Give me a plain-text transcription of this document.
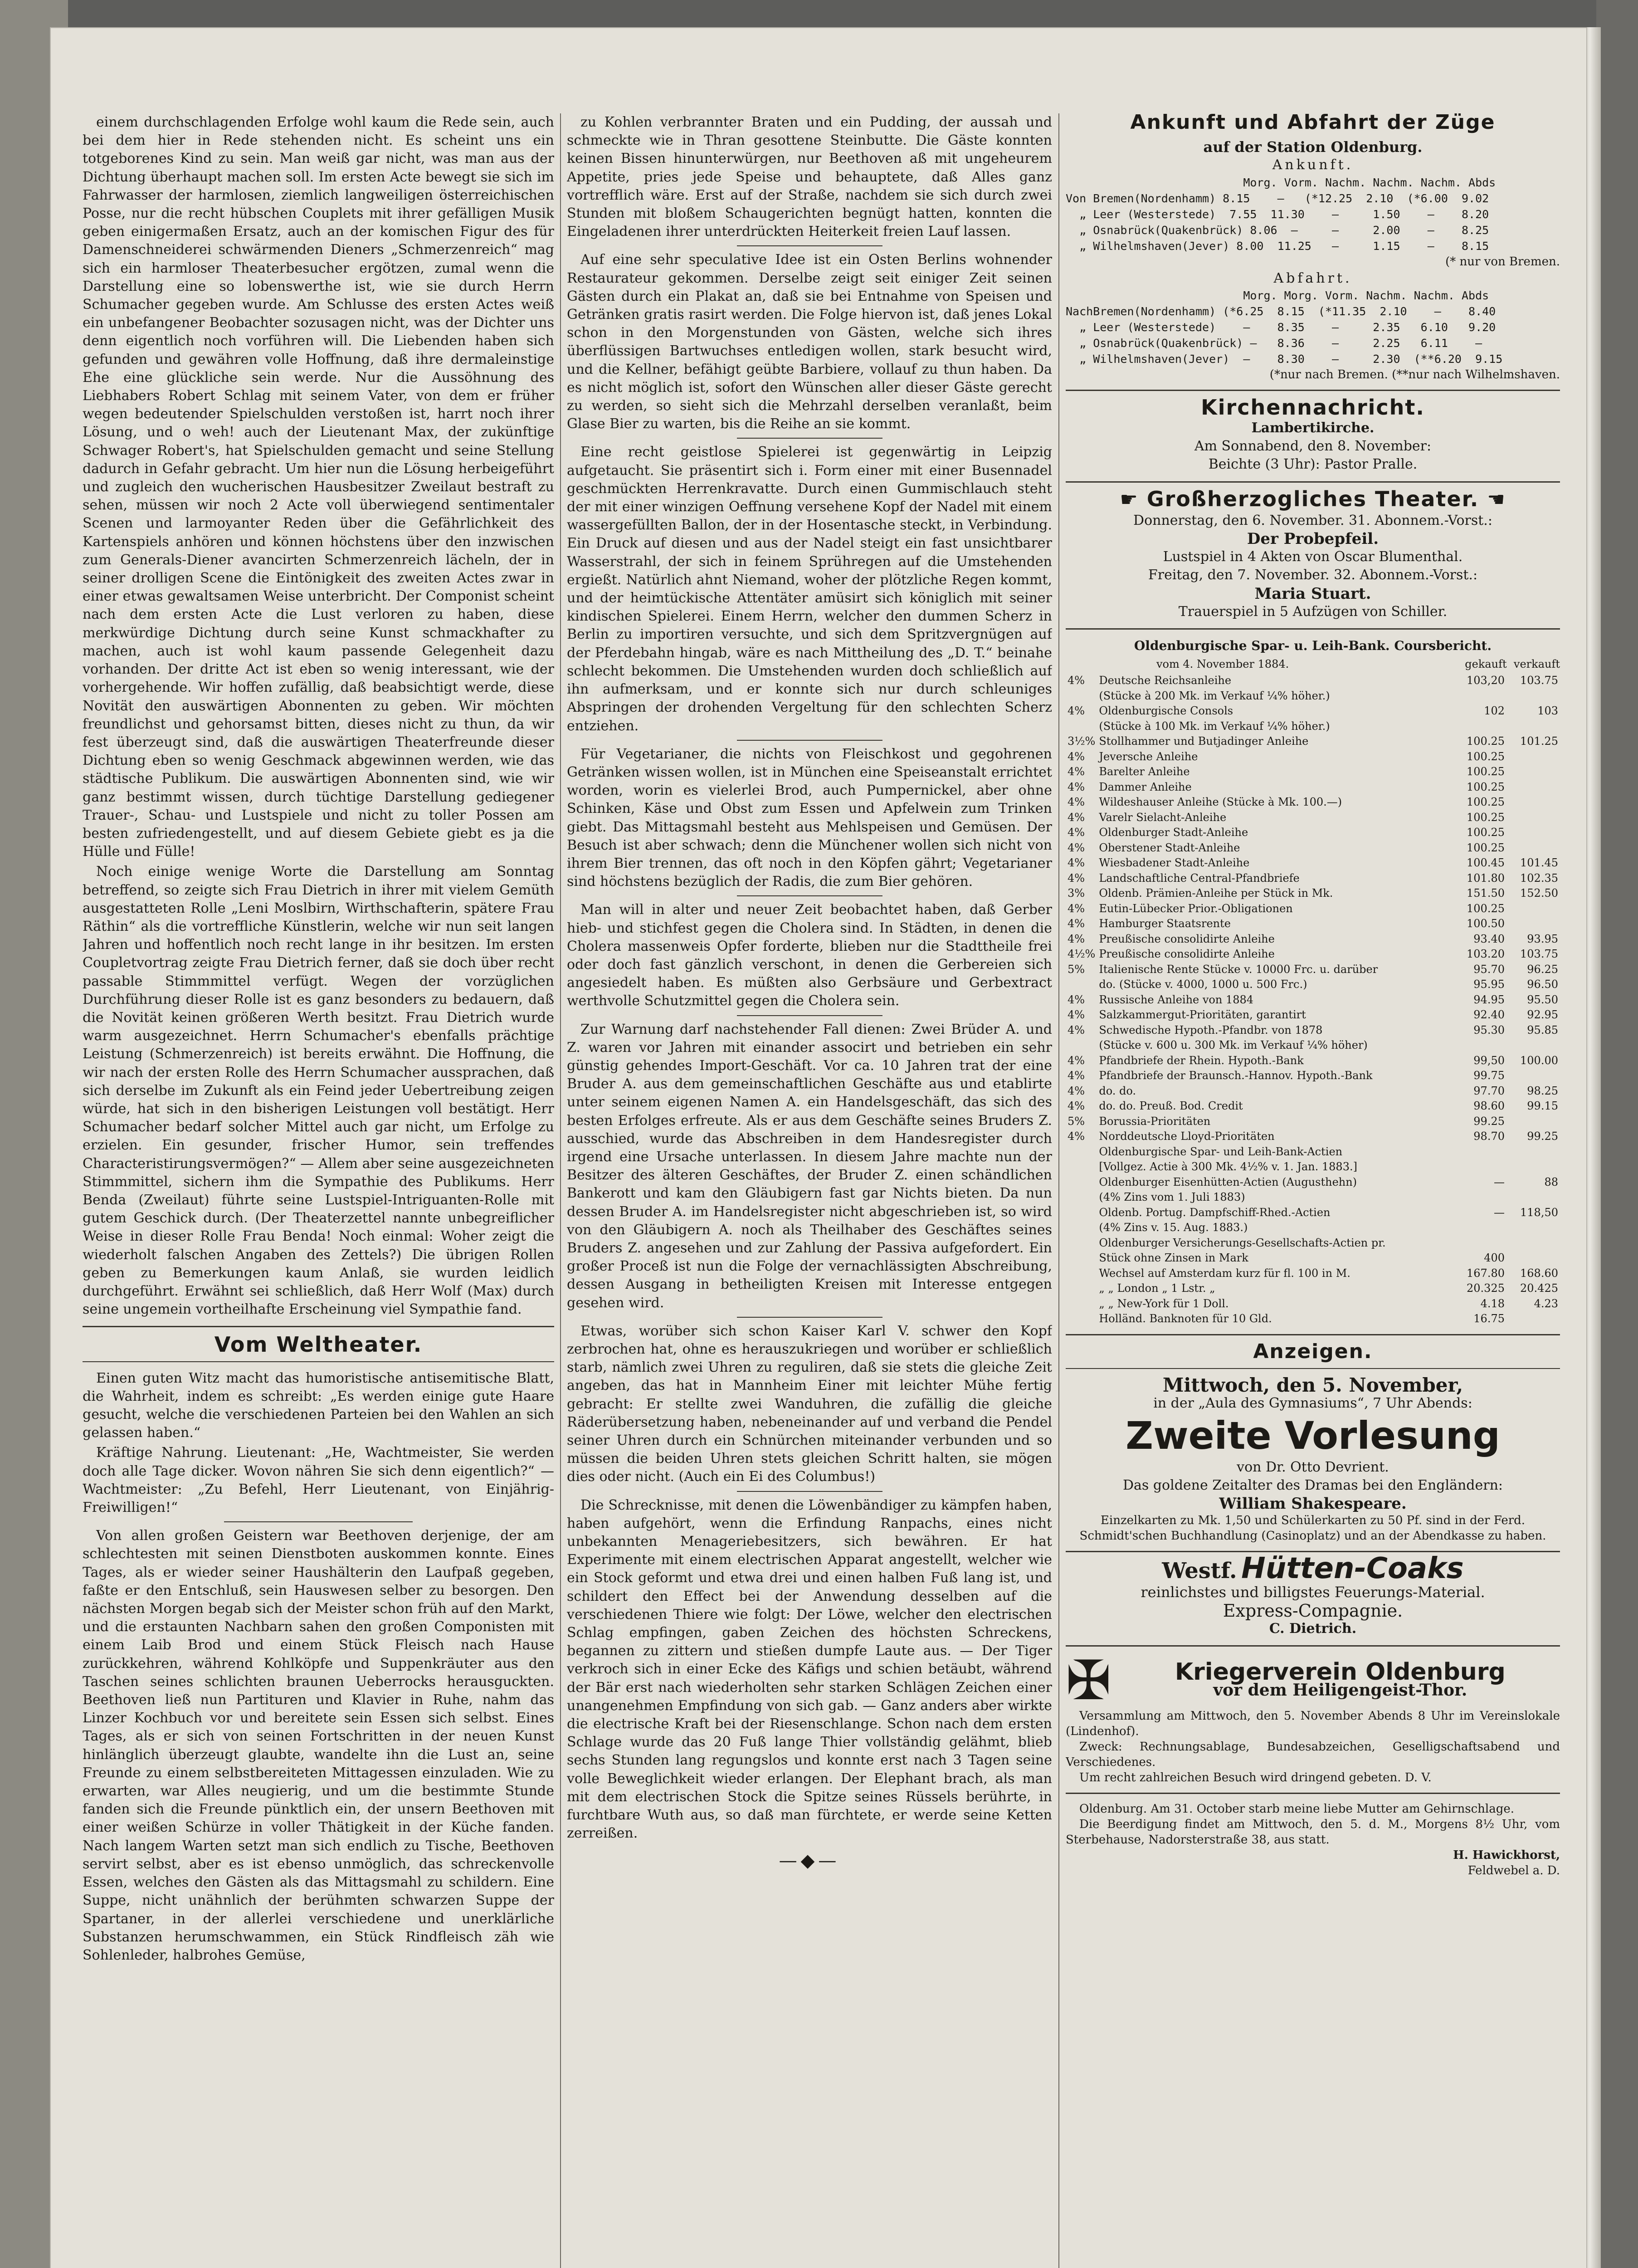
einem durchschlagenden Erfolge wohl kaum die Rede sein, auch bei dem hier in Rede stehenden nicht. Es scheint uns ein totgeborenes Kind zu sein. Man weiß gar nicht, was man aus der Dichtung überhaupt machen soll. Im ersten Acte bewegt sie sich im Fahrwasser der harmlosen, ziemlich langweiligen österreichischen Posse, nur die recht hübschen Couplets mit ihrer gefälligen Musik geben einigermaßen Ersatz, auch an der komischen Figur des für Damenschneiderei schwärmenden Dieners „Schmerzenreich“ mag sich ein harmloser Theaterbesucher ergötzen, zumal wenn die Darstellung eine so lobenswerthe ist, wie sie durch Herrn Schumacher gegeben wurde. Am Schlusse des ersten Actes weiß ein unbefangener Beobachter sozusagen nicht, was der Dichter uns denn eigentlich noch vorführen will. Die Liebenden haben sich gefunden und gewähren volle Hoffnung, daß ihre dermaleinstige Ehe eine glückliche sein werde. Nur die Aussöhnung des Liebhabers Robert Schlag mit seinem Vater, von dem er früher wegen bedeutender Spielschulden verstoßen ist, harrt noch ihrer Lösung, und o weh! auch der Lieutenant Max, der zukünftige Schwager Robert's, hat Spielschulden gemacht und seine Stellung dadurch in Gefahr gebracht. Um hier nun die Lösung herbeigeführt und zugleich den wucherischen Hausbesitzer Zweilaut bestraft zu sehen, müssen wir noch 2 Acte voll überwiegend sentimentaler Scenen und larmoyanter Reden über die Gefährlichkeit des Kartenspiels anhören und können höchstens über den inzwischen zum Generals-Diener avancirten Schmerzenreich lächeln, der in seiner drolligen Scene die Eintönigkeit des zweiten Actes zwar in einer etwas gewaltsamen Weise unterbricht. Der Componist scheint nach dem ersten Acte die Lust verloren zu haben, diese merkwürdige Dichtung durch seine Kunst schmackhafter zu machen, auch ist wohl kaum passende Gelegenheit dazu vorhanden. Der dritte Act ist eben so wenig interessant, wie der vorhergehende. Wir hoffen zufällig, daß beabsichtigt werde, diese Novität den auswärtigen Abonnenten zu geben. Wir möchten freundlichst und gehorsamst bitten, dieses nicht zu thun, da wir fest überzeugt sind, daß die auswärtigen Theaterfreunde dieser Dichtung eben so wenig Geschmack abgewinnen werden, wie das städtische Publikum. Die auswärtigen Abonnenten sind, wie wir ganz bestimmt wissen, durch tüchtige Darstellung gediegener Trauer-, Schau- und Lustspiele und nicht zu toller Possen am besten zufriedengestellt, und auf diesem Gebiete giebt es ja die Hülle und Fülle!

Noch einige wenige Worte die Darstellung am Sonntag betreffend, so zeigte sich Frau Dietrich in ihrer mit vielem Gemüth ausgestatteten Rolle „Leni Moslbirn, Wirthschafterin, spätere Frau Räthin“ als die vortreffliche Künstlerin, welche wir nun seit langen Jahren und hoffentlich noch recht lange in ihr besitzen. Im ersten Coupletvortrag zeigte Frau Dietrich ferner, daß sie doch über recht passable Stimmmittel verfügt. Wegen der vorzüglichen Durchführung dieser Rolle ist es ganz besonders zu bedauern, daß die Novität keinen größeren Werth besitzt. Frau Dietrich wurde warm ausgezeichnet. Herrn Schumacher's ebenfalls prächtige Leistung (Schmerzenreich) ist bereits erwähnt. Die Hoffnung, die wir nach der ersten Rolle des Herrn Schumacher aussprachen, daß sich derselbe im Zukunft als ein Feind jeder Uebertreibung zeigen würde, hat sich in den bisherigen Leistungen voll bestätigt. Herr Schumacher bedarf solcher Mittel auch gar nicht, um Erfolge zu erzielen. Ein gesunder, frischer Humor, sein treffendes Characteristirungsvermögen?“ — Allem aber seine ausgezeichneten Stimmmittel, sichern ihm die Sympathie des Publikums. Herr Benda (Zweilaut) führte seine Lustspiel-Intriguanten-Rolle mit gutem Geschick durch. (Der Theaterzettel nannte unbegreiflicher Weise in dieser Rolle Frau Benda! Noch einmal: Woher zeigt die wiederholt falschen Angaben des Zettels?) Die übrigen Rollen geben zu Bemerkungen kaum Anlaß, sie wurden leidlich durchgeführt. Erwähnt sei schließlich, daß Herr Wolf (Max) durch seine ungemein vortheilhafte Erscheinung viel Sympathie fand.

Vom Weltheater.

Einen guten Witz macht das humoristische antisemitische Blatt, die Wahrheit, indem es schreibt: „Es werden einige gute Haare gesucht, welche die verschiedenen Parteien bei den Wahlen an sich gelassen haben.“

Kräftige Nahrung. Lieutenant: „He, Wachtmeister, Sie werden doch alle Tage dicker. Wovon nähren Sie sich denn eigentlich?“ — Wachtmeister: „Zu Befehl, Herr Lieutenant, von Einjährig-Freiwilligen!“

Von allen großen Geistern war Beethoven derjenige, der am schlechtesten mit seinen Dienstboten auskommen konnte. Eines Tages, als er wieder seiner Haushälterin den Laufpaß gegeben, faßte er den Entschluß, sein Hauswesen selber zu besorgen. Den nächsten Morgen begab sich der Meister schon früh auf den Markt, und die erstaunten Nachbarn sahen den großen Componisten mit einem Laib Brod und einem Stück Fleisch nach Hause zurückkehren, während Kohlköpfe und Suppenkräuter aus den Taschen seines schlichten braunen Ueberrocks herausguckten. Beethoven ließ nun Partituren und Klavier in Ruhe, nahm das Linzer Kochbuch vor und bereitete sein Essen sich selbst. Eines Tages, als er sich von seinen Fortschritten in der neuen Kunst hinlänglich überzeugt glaubte, wandelte ihn die Lust an, seine Freunde zu einem selbstbereiteten Mittagessen einzuladen. Wie zu erwarten, war Alles neugierig, und um die bestimmte Stunde fanden sich die Freunde pünktlich ein, der unsern Beethoven mit einer weißen Schürze in voller Thätigkeit in der Küche fanden. Nach langem Warten setzt man sich endlich zu Tische, Beethoven servirt selbst, aber es ist ebenso unmöglich, das schreckenvolle Essen, welches den Gästen als das Mittagsmahl zu schildern. Eine Suppe, nicht unähnlich der berühmten schwarzen Suppe der Spartaner, in der allerlei verschiedene und unerklärliche Substanzen herumschwammen, ein Stück Rindfleisch zäh wie Sohlenleder, halbrohes Gemüse,

zu Kohlen verbrannter Braten und ein Pudding, der aussah und schmeckte wie in Thran gesottene Steinbutte. Die Gäste konnten keinen Bissen hinunterwürgen, nur Beethoven aß mit ungeheurem Appetite, pries jede Speise und behauptete, daß Alles ganz vortrefflich wäre. Erst auf der Straße, nachdem sie sich durch zwei Stunden mit bloßem Schaugerichten begnügt hatten, konnten die Eingeladenen ihrer unterdrückten Heiterkeit freien Lauf lassen.

Auf eine sehr speculative Idee ist ein Osten Berlins wohnender Restaurateur gekommen. Derselbe zeigt seit einiger Zeit seinen Gästen durch ein Plakat an, daß sie bei Entnahme von Speisen und Getränken gratis rasirt werden. Die Folge hiervon ist, daß jenes Lokal schon in den Morgenstunden von Gästen, welche sich ihres überflüssigen Bartwuchses entledigen wollen, stark besucht wird, und die Kellner, befähigt geübte Barbiere, vollauf zu thun haben. Da es nicht möglich ist, sofort den Wünschen aller dieser Gäste gerecht zu werden, so sieht sich die Mehrzahl derselben veranlaßt, beim Glase Bier zu warten, bis die Reihe an sie kommt.

Eine recht geistlose Spielerei ist gegenwärtig in Leipzig aufgetaucht. Sie präsentirt sich i. Form einer mit einer Busennadel geschmückten Herrenkravatte. Durch einen Gummischlauch steht der mit einer winzigen Oeffnung versehene Kopf der Nadel mit einem wassergefüllten Ballon, der in der Hosentasche steckt, in Verbindung. Ein Druck auf diesen und aus der Nadel steigt ein fast unsichtbarer Wasserstrahl, der sich in feinem Sprühregen auf die Umstehenden ergießt. Natürlich ahnt Niemand, woher der plötzliche Regen kommt, und der heimtückische Attentäter amüsirt sich königlich mit seiner kindischen Spielerei. Einem Herrn, welcher den dummen Scherz in Berlin zu importiren versuchte, und sich dem Spritzvergnügen auf der Pferdebahn hingab, wäre es nach Mittheilung des „D. T.“ beinahe schlecht bekommen. Die Umstehenden wurden doch schließlich auf ihn aufmerksam, und er konnte sich nur durch schleuniges Abspringen der drohenden Vergeltung für den schlechten Scherz entziehen.

Für Vegetarianer, die nichts von Fleischkost und gegohrenen Getränken wissen wollen, ist in München eine Speiseanstalt errichtet worden, worin es vielerlei Brod, auch Pumpernickel, aber ohne Schinken, Käse und Obst zum Essen und Apfelwein zum Trinken giebt. Das Mittagsmahl besteht aus Mehlspeisen und Gemüsen. Der Besuch ist aber schwach; denn die Münchener wollen sich nicht von ihrem Bier trennen, das oft noch in den Köpfen gährt; Vegetarianer sind höchstens bezüglich der Radis, die zum Bier gehören.

Man will in alter und neuer Zeit beobachtet haben, daß Gerber hieb- und stichfest gegen die Cholera sind. In Städten, in denen die Cholera massenweis Opfer forderte, blieben nur die Stadttheile frei oder doch fast gänzlich verschont, in denen die Gerbereien sich angesiedelt haben. Es müßten also Gerbsäure und Gerbextract werthvolle Schutzmittel gegen die Cholera sein.

Zur Warnung darf nachstehender Fall dienen: Zwei Brüder A. und Z. waren vor Jahren mit einander associrt und betrieben ein sehr günstig gehendes Import-Geschäft. Vor ca. 10 Jahren trat der eine Bruder A. aus dem gemeinschaftlichen Geschäfte aus und etablirte unter seinem eigenen Namen A. ein Handelsgeschäft, das sich des besten Erfolges erfreute. Als er aus dem Geschäfte seines Bruders Z. ausschied, wurde das Abschreiben in dem Handesregister durch irgend eine Ursache unterlassen. In diesem Jahre machte nun der Besitzer des älteren Geschäftes, der Bruder Z. einen schändlichen Bankerott und kam den Gläubigern fast gar Nichts bieten. Da nun dessen Bruder A. im Handelsregister nicht abgeschrieben ist, so wird von den Gläubigern A. noch als Theilhaber des Geschäftes seines Bruders Z. angesehen und zur Zahlung der Passiva aufgefordert. Ein großer Proceß ist nun die Folge der vernachlässigten Abschreibung, dessen Ausgang in betheiligten Kreisen mit Interesse entgegen gesehen wird.

Etwas, worüber sich schon Kaiser Karl V. schwer den Kopf zerbrochen hat, ohne es herauszukriegen und worüber er schließlich starb, nämlich zwei Uhren zu reguliren, daß sie stets die gleiche Zeit angeben, das hat in Mannheim Einer mit leichter Mühe fertig gebracht: Er stellte zwei Wanduhren, die zufällig die gleiche Räderübersetzung haben, nebeneinander auf und verband die Pendel seiner Uhren durch ein Schnürchen miteinander verbunden und so müssen die beiden Uhren stets gleichen Schritt halten, sie mögen dies oder nicht. (Auch ein Ei des Columbus!)

Die Schrecknisse, mit denen die Löwenbändiger zu kämpfen haben, haben aufgehört, wenn die Erfindung Ranpachs, eines nicht unbekannten Menageriebesitzers, sich bewähren. Er hat Experimente mit einem electrischen Apparat angestellt, welcher wie ein Stock geformt und etwa drei und einen halben Fuß lang ist, und schildert den Effect bei der Anwendung desselben auf die verschiedenen Thiere wie folgt: Der Löwe, welcher den electrischen Schlag empfingen, gaben Zeichen des höchsten Schreckens, begannen zu zittern und stießen dumpfe Laute aus. — Der Tiger verkroch sich in einer Ecke des Käfigs und schien betäubt, während der Bär erst nach wiederholten sehr starken Schlägen Zeichen einer unangenehmen Empfindung von sich gab. — Ganz anders aber wirkte die electrische Kraft bei der Riesenschlange. Schon nach dem ersten Schlage wurde das 20 Fuß lange Thier vollständig gelähmt, blieb sechs Stunden lang regungslos und konnte erst nach 3 Tagen seine volle Beweglichkeit wieder erlangen. Der Elephant brach, als man mit dem electrischen Stock die Spitze seines Rüssels berührte, in furchtbare Wuth aus, so daß man fürchtete, er werde seine Ketten zerreißen.

—◆—
Ankunft und Abfahrt der Züge
auf der Station Oldenburg.
Ankunft.
Morg. Vorm. Nachm. Nachm. Nachm. Abds
Von Bremen(Nordenhamm) 8.15    —   (*12.25  2.10  (*6.00  9.02
„ Leer (Westerstede)  7.55  11.30    —     1.50    —    8.20
„ Osnabrück(Quakenbrück) 8.06  —     —     2.00    —    8.25
„ Wilhelmshaven(Jever) 8.00  11.25   —     1.15    —    8.15
(* nur von Bremen.
Abfahrt.
Morg. Morg. Vorm. Nachm. Nachm. Abds
NachBremen(Nordenhamm) (*6.25  8.15  (*11.35  2.10    —    8.40
„ Leer (Westerstede)    —    8.35    —     2.35   6.10   9.20
„ Osnabrück(Quakenbrück) —   8.36    —     2.25   6.11    —
„ Wilhelmshaven(Jever)  —    8.30    —     2.30  (**6.20  9.15
(*nur nach Bremen. (**nur nach Wilhelmshaven.
Kirchennachricht.
Lambertikirche.
Am Sonnabend, den 8. November:
Beichte (3 Uhr): Pastor Pralle.
☛ Großherzogliches Theater. ☚
Donnerstag, den 6. November. 31. Abonnem.-Vorst.:
Der Probepfeil.
Lustspiel in 4 Akten von Oscar Blumenthal.
Freitag, den 7. November. 32. Abonnem.-Vorst.:
Maria Stuart.
Trauerspiel in 5 Aufzügen von Schiller.
Oldenburgische Spar- u. Leih-Bank. Coursbericht.
vom 4. November 1884.	gekauft verkauft
4%	Deutsche Reichsanleihe	103,20	103.75
	(Stücke à 200 Mk. im Verkauf ¼% höher.)		
4%	Oldenburgische Consols	102	103
	(Stücke à 100 Mk. im Verkauf ¼% höher.)		
3½%	Stollhammer und Butjadinger Anleihe	100.25	101.25
4%	Jeversche Anleihe	100.25	
4%	Barelter Anleihe	100.25	
4%	Dammer Anleihe	100.25	
4%	Wildeshauser Anleihe (Stücke à Mk. 100.—)	100.25	
4%	Varelr Sielacht-Anleihe	100.25	
4%	Oldenburger Stadt-Anleihe	100.25	
4%	Oberstener Stadt-Anleihe	100.25	
4%	Wiesbadener Stadt-Anleihe	100.45	101.45
4%	Landschaftliche Central-Pfandbriefe	101.80	102.35
3%	Oldenb. Prämien-Anleihe per Stück in Mk.	151.50	152.50
4%	Eutin-Lübecker Prior.-Obligationen	100.25	
4%	Hamburger Staatsrente	100.50	
4%	Preußische consolidirte Anleihe	93.40	93.95
4½%	Preußische consolidirte Anleihe	103.20	103.75
5%	Italienische Rente Stücke v. 10000 Frc. u. darüber	95.70	96.25
	do. (Stücke v. 4000, 1000 u. 500 Frc.)	95.95	96.50
4%	Russische Anleihe von 1884	94.95	95.50
4%	Salzkammergut-Prioritäten, garantirt	92.40	92.95
4%	Schwedische Hypoth.-Pfandbr. von 1878	95.30	95.85
	(Stücke v. 600 u. 300 Mk. im Verkauf ¼% höher)		
4%	Pfandbriefe der Rhein. Hypoth.-Bank	99,50	100.00
4%	Pfandbriefe der Braunsch.-Hannov. Hypoth.-Bank	99.75	
4%	do. do.	97.70	98.25
4%	do. do. Preuß. Bod. Credit	98.60	99.15
5%	Borussia-Prioritäten	99.25	
4%	Norddeutsche Lloyd-Prioritäten	98.70	99.25
	Oldenburgische Spar- und Leih-Bank-Actien		
	[Vollgez. Actie à 300 Mk. 4½% v. 1. Jan. 1883.]		
	Oldenburger Eisenhütten-Actien (Augusthehn)	—	88
	(4% Zins vom 1. Juli 1883)		
	Oldenb. Portug. Dampfschiff-Rhed.-Actien	—	118,50
	(4% Zins v. 15. Aug. 1883.)		
	Oldenburger Versicherungs-Gesellschafts-Actien pr.		
	Stück ohne Zinsen in Mark	400	
	Wechsel auf Amsterdam kurz für fl. 100 in M.	167.80	168.60
	„ „ London „ 1 Lstr. „	20.325	20.425
	„ „ New-York für 1 Doll.	4.18	4.23
	Holländ. Banknoten für 10 Gld.	16.75	
Anzeigen.
Mittwoch, den 5. November,
in der „Aula des Gymnasiums“, 7 Uhr Abends:
Zweite Vorlesung
von Dr. Otto Devrient.
Das goldene Zeitalter des Dramas bei den Engländern:
William Shakespeare.
Einzelkarten zu Mk. 1,50 und Schülerkarten zu 50 Pf. sind in der Ferd. Schmidt'schen Buchhandlung (Casinoplatz) und an der Abendkasse zu haben.
Westf. Hütten-Coaks
reinlichstes und billigstes Feuerungs-Material.
Express-Compagnie.
C. Dietrich.
✠	Kriegerverein Oldenburg
vor dem Heiligengeist-Thor.
Versammlung am Mittwoch, den 5. November Abends 8 Uhr im Vereinslokale (Lindenhof).
Zweck: Rechnungsablage, Bundesabzeichen, Geselligschaftsabend und Verschiedenes.
Um recht zahlreichen Besuch wird dringend gebeten. D. V.
Oldenburg. Am 31. October starb meine liebe Mutter am Gehirnschlage.
Die Beerdigung findet am Mittwoch, den 5. d. M., Morgens 8½ Uhr, vom Sterbehause, Nadorsterstraße 38, aus statt.
H. Hawickhorst,
Feldwebel a. D.
